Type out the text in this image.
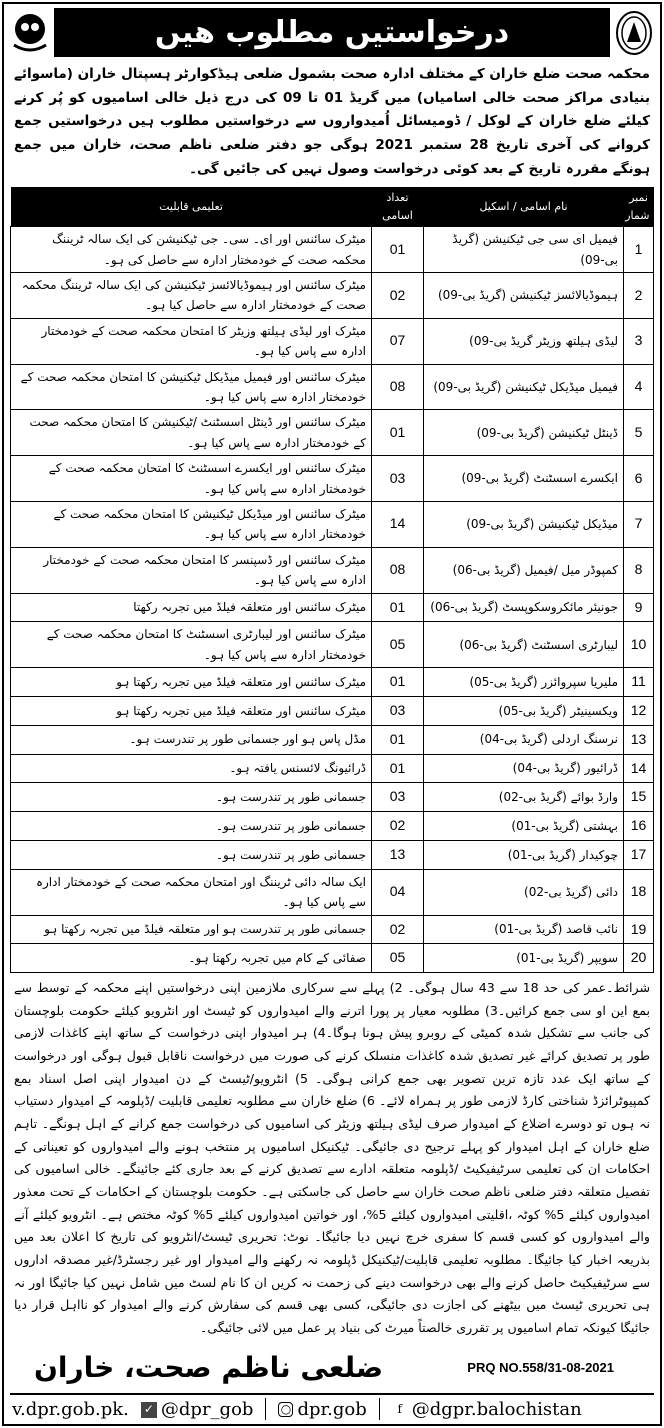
درخواستیں مطلوب ھیں
محکمہ صحت ضلع خاران کے مختلف ادارہ صحت بشمول ضلعی ہیڈکوارٹر ہسپتال خاران (ماسوائے بنیادی مراکز صحت خالی اسامیاں) میں گریڈ 01 تا 09 کی درج ذیل خالی اسامیوں کو پُر کرنے کیلئے ضلع خاران کے لوکل / ڈومیسائل اُمیدواروں سے درخواستیں مطلوب ہیں درخواستیں جمع کروانے کی آخری تاریخ 28 ستمبر 2021 ہوگی جو دفتر ضلعی ناظم صحت، خاران میں جمع ہونگے مقررہ تاریخ کے بعد کوئی درخواست وصول نہیں کی جائیں گی۔
نمبر شمار	نام اسامی / اسکیل	تعداد اسامی	تعلیمی قابلیت
1	فیمیل ای سی جی ٹیکنیشن (گریڈ بی-09)	01	میٹرک سائنس اور ای۔ سی۔ جی ٹیکنیشن کی ایک سالہ ٹریننگ محکمہ صحت کے خودمختار ادارہ سے حاصل کی ہو۔
2	ہیموڈیالائسز ٹیکنیشن (گریڈ بی-09)	02	میٹرک سائنس اور ہیموڈیالائسز ٹیکنیشن کی ایک سالہ ٹریننگ محکمہ صحت کے خودمختار ادارہ سے حاصل کیا ہو۔
3	لیڈی ہیلتھ وزیٹر گریڈ بی-09)	07	میٹرک اور لیڈی ہیلتھ وزیٹر کا امتحان محکمہ صحت کے خودمختار ادارہ سے پاس کیا ہو۔
4	فیمیل میڈیکل ٹیکنیشن (گریڈ بی-09)	08	میٹرک سائنس اور فیمیل میڈیکل ٹیکنیشن کا امتحان محکمہ صحت کے خودمختار ادارہ سے پاس کیا ہو۔
5	ڈینٹل ٹیکنیشن (گریڈ بی-09)	01	میٹرک سائنس اور ڈینٹل اسسٹنٹ /ٹیکنیشن کا امتحان محکمہ صحت کے خودمختار ادارہ سے پاس کیا ہو۔
6	ایکسرے اسسٹنٹ (گریڈ بی-09)	03	میٹرک سائنس اور ایکسرے اسسٹنٹ کا امتحان محکمہ صحت کے خودمختار ادارہ سے پاس کیا ہو۔
7	میڈیکل ٹیکنیشن (گریڈ بی-09)	14	میٹرک سائنس اور میڈیکل ٹیکنیشن کا امتحان محکمہ صحت کے خودمختار ادارہ سے پاس کیا ہو۔
8	کمپوڈر میل /فیمیل (گریڈ بی-06)	08	میٹرک سائنس اور ڈسپنسر کا امتحان محکمہ صحت کے خودمختار ادارہ سے پاس کیا ہو۔
9	جونیئر مائکروسکوپسٹ (گریڈ بی-06)	01	میٹرک سائنس اور متعلقہ فیلڈ میں تجربہ رکھتا
10	لیبارٹری اسسٹنٹ (گریڈ بی-06)	05	میٹرک سائنس اور لیبارٹری اسسٹنٹ کا امتحان محکمہ صحت کے خودمختار ادارہ سے پاس کیا ہو۔
11	ملیریا سپروائزر (گریڈ بی-05)	01	میٹرک سائنس اور متعلقہ فیلڈ میں تجربہ رکھتا ہو
12	ویکسینیٹر (گریڈ بی-05)	03	میٹرک سائنس اور متعلقہ فیلڈ میں تجربہ رکھتا ہو
13	نرسنگ اردلی (گریڈ بی-04)	01	مڈل پاس ہو اور جسمانی طور پر تندرست ہو۔
14	ڈرائیور (گریڈ بی-04)	01	ڈرائیونگ لائسنس یافتہ ہو۔
15	وارڈ بوائے (گریڈ بی-02)	03	جسمانی طور پر تندرست ہو۔
16	بہشتی (گریڈ بی-01)	02	جسمانی طور پر تندرست ہو۔
17	چوکیدار (گریڈ بی-01)	13	جسمانی طور پر تندرست ہو۔
18	دائی (گریڈ بی-02)	04	ایک سالہ دائی ٹریننگ اور امتحان محکمہ صحت کے خودمختار ادارہ سے پاس کیا ہو۔
19	نائب قاصد (گریڈ بی-01)	02	جسمانی طور پر تندرست ہو اور متعلقہ فیلڈ میں تجربہ رکھتا ہو
20	سویپر (گریڈ بی-01)	05	صفائی کے کام میں تجربہ رکھتا ہو۔
شرائط۔عمر کی حد 18 سے 43 سال ہوگی۔ 2) پہلے سے سرکاری ملازمین اپنی درخواستیں اپنے محکمہ کے توسط سے بمع این او سی جمع کرائیں۔3) مطلوبہ معیار پر پورا اترنے والے امیدواروں کو ٹیسٹ اور انٹرویو کیلئے حکومت بلوچستان کی جانب سے تشکیل شدہ کمیٹی کے روبرو پیش ہونا ہوگا۔4) ہر امیدوار اپنی درخواست کے ساتھ اپنے کاغذات لازمی طور پر تصدیق کرائے غیر تصدیق شدہ کاغذات منسلک کرنے کی صورت میں درخواست ناقابل قبول ہوگی اور درخواست کے ساتھ ایک عدد تازہ ترین تصویر بھی جمع کرانی ہوگی۔ 5) انٹرویو/ٹیسٹ کے دن امیدوار اپنی اصل اسناد بمع کمپیوٹرائزڈ شناختی کارڈ لازمی طور پر ہمراہ لائے۔ 6) ضلع خاران سے مطلوبہ تعلیمی قابلیت /ڈپلومہ کے امیدوار دستیاب نہ ہوں تو دوسرے اضلاع کے امیدوار صرف لیڈی ہیلتھ وزیٹر کی اسامیوں کی درخواست جمع کرانے کے اہل ہونگے۔ تاہم ضلع خاران کے اہل امیدوار کو پہلے ترجیح دی جائیگی۔ ٹیکنیکل اسامیوں پر منتخب ہونے والے امیدواروں کو تعیناتی کے احکامات ان کی تعلیمی سرٹیفیکیٹ /ڈپلومہ متعلقہ ادارے سے تصدیق کرنے کے بعد جاری کئے جائینگے۔ خالی اسامیوں کی تفصیل متعلقہ دفتر ضلعی ناظم صحت خاران سے حاصل کی جاسکتی ہے۔ حکومت بلوچستان کے احکامات کے تحت معذور امیدواروں کیلئے 5% کوٹہ ،اقلیتی امیدواروں کیلئے 5%، اور خواتین امیدواروں کیلئے 5% کوٹہ مختص ہے۔ انٹرویو کیلئے آنے والے امیدواروں کو کسی قسم کا سفری خرچ نہیں دیا جائیگا۔ نوٹ: تحریری ٹیسٹ/انٹرویو کی تاریخ کا اعلان بعد میں بذریعہ اخبار کیا جائیگا۔ مطلوبہ تعلیمی قابلیت/ٹیکنیکل ڈپلومہ نہ رکھنے والے امیدوار اور غیر رجسٹرڈ/غیر مصدقہ اداروں سے سرٹیفیکیٹ حاصل کرنے والے بھی درخواست دینے کی زحمت نہ کریں ان کا نام لسٹ میں شامل نہیں کیا جائیگا اور نہ ہی تحریری ٹیسٹ میں بیٹھنے کی اجازت دی جائیگی، کسی بھی قسم کی سفارش کرنے والے امیدوار کو نااہل قرار دیا جائیگا کیونکہ تمام اسامیوں پر تقرری خالصتاً میرٹ کی بنیاد پر عمل میں لائی جائیگی۔
ضلعی ناظم صحت، خاران	PRQ NO.558/31-08-2021
v.dpr.gob.pk. ✓ @dpr_gob ○ dpr.gob	f @dgpr.balochistan
